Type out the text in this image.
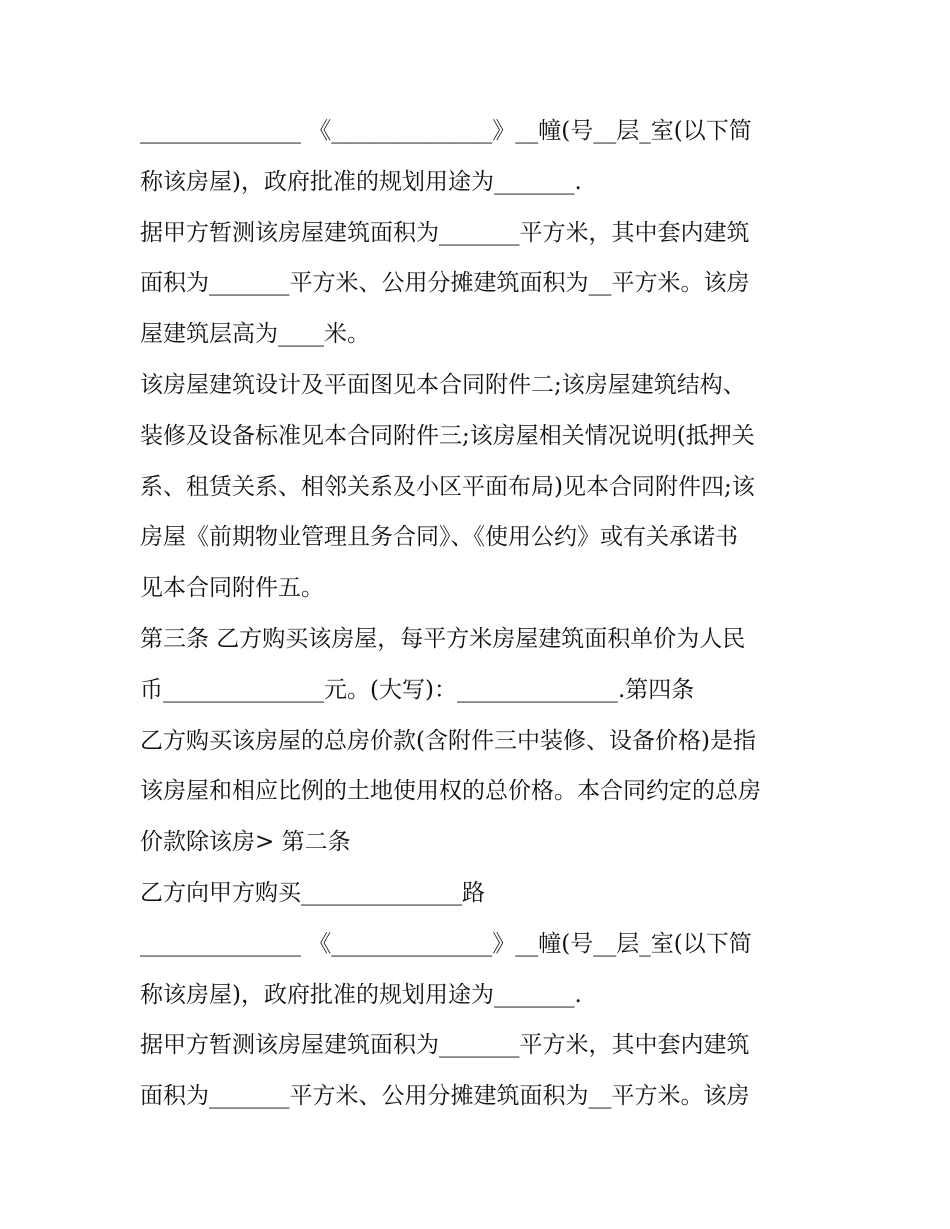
______________ 《______________》__幢(号__层_室(以下简
称该房屋)，政府批准的规划用途为_______.
据甲方暂测该房屋建筑面积为_______平方米，其中套内建筑
面积为_______平方米、公用分摊建筑面积为__平方米。该房
屋建筑层高为____米。
该房屋建筑设计及平面图见本合同附件二;该房屋建筑结构、
装修及设备标准见本合同附件三;该房屋相关情况说明(抵押关
系、租赁关系、相邻关系及小区平面布局)见本合同附件四;该
房屋《前期物业管理且务合同》、《使用公约》或有关承诺书
见本合同附件五。
第三条 乙方购买该房屋，每平方米房屋建筑面积单价为人民
币______________元。(大写)：______________.第四条
乙方购买该房屋的总房价款(含附件三中装修、设备价格)是指
该房屋和相应比例的土地使用权的总价格。本合同约定的总房
价款除该房> 第二条
乙方向甲方购买______________路
______________ 《______________》__幢(号__层_室(以下简
称该房屋)，政府批准的规划用途为_______.
据甲方暂测该房屋建筑面积为_______平方米，其中套内建筑
面积为_______平方米、公用分摊建筑面积为__平方米。该房
